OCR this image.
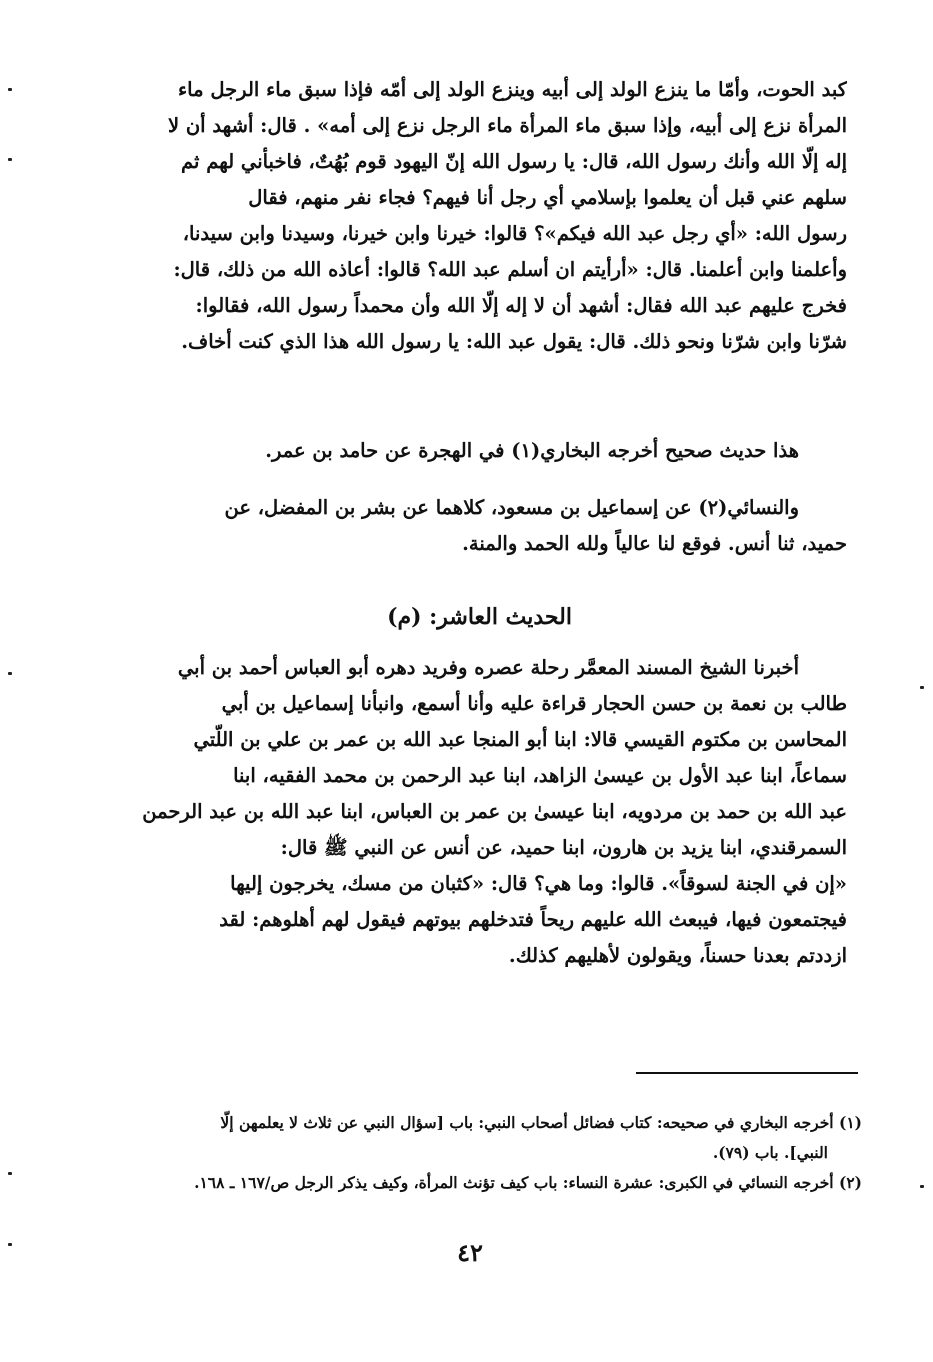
كبد الحوت، وأمّا ما ينزع الولد إلى أبيه وينزع الولد إلى أمّه فإذا سبق ماء الرجل ماء
المرأة نزع إلى أبيه، وإذا سبق ماء المرأة ماء الرجل نزع إلى أمه» . قال: أشهد أن لا
إله إلّا الله وأنك رسول الله، قال: يا رسول الله إنّ اليهود قوم بُهُتٌ، فاخبأني لهم ثم
سلهم عني قبل أن يعلموا بإسلامي أي رجل أنا فيهم؟ فجاء نفر منهم، فقال
رسول الله: «أي رجل عبد الله فيكم»؟ قالوا: خيرنا وابن خيرنا، وسيدنا وابن سيدنا،
وأعلمنا وابن أعلمنا. قال: «أرأيتم ان أسلم عبد الله؟ قالوا: أعاذه الله من ذلك، قال:
فخرج عليهم عبد الله فقال: أشهد أن لا إله إلّا الله وأن محمداً رسول الله، فقالوا:
شرّنا وابن شرّنا ونحو ذلك. قال: يقول عبد الله: يا رسول الله هذا الذي كنت أخاف.
هذا حديث صحيح أخرجه البخاري(١) في الهجرة عن حامد بن عمر.
والنسائي(٢) عن إسماعيل بن مسعود، كلاهما عن بشر بن المفضل، عن
حميد، ثنا أنس. فوقع لنا عالياً ولله الحمد والمنة.
الحديث العاشر: (م)
أخبرنا الشيخ المسند المعمَّر رحلة عصره وفريد دهره أبو العباس أحمد بن أبي
طالب بن نعمة بن حسن الحجار قراءة عليه وأنا أسمع، وانبأنا إسماعيل بن أبي
المحاسن بن مكتوم القيسي قالا: ابنا أبو المنجا عبد الله بن عمر بن علي بن اللّتي
سماعاً، ابنا عبد الأول بن عيسىٰ الزاهد، ابنا عبد الرحمن بن محمد الفقيه، ابنا
عبد الله بن حمد بن مردويه، ابنا عيسىٰ بن عمر بن العباس، ابنا عبد الله بن عبد الرحمن
السمرقندي، ابنا يزيد بن هارون، ابنا حميد، عن أنس عن النبي ﷺ قال:
«إن في الجنة لسوقاً». قالوا: وما هي؟ قال: «كثبان من مسك، يخرجون إليها
فيجتمعون فيها، فيبعث الله عليهم ريحاً فتدخلهم بيوتهم فيقول لهم أهلوهم: لقد
ازددتم بعدنا حسناً، ويقولون لأهليهم كذلك.
(١) أخرجه البخاري في صحيحه: كتاب فضائل أصحاب النبي: باب [سؤال النبي عن ثلاث لا يعلمهن إلّا
النبي]. باب (٧٩).
(٢) أخرجه النسائي في الكبرى: عشرة النساء: باب كيف تؤنث المرأة، وكيف يذكر الرجل ص/١٦٧ ـ ١٦٨.
٤٢
